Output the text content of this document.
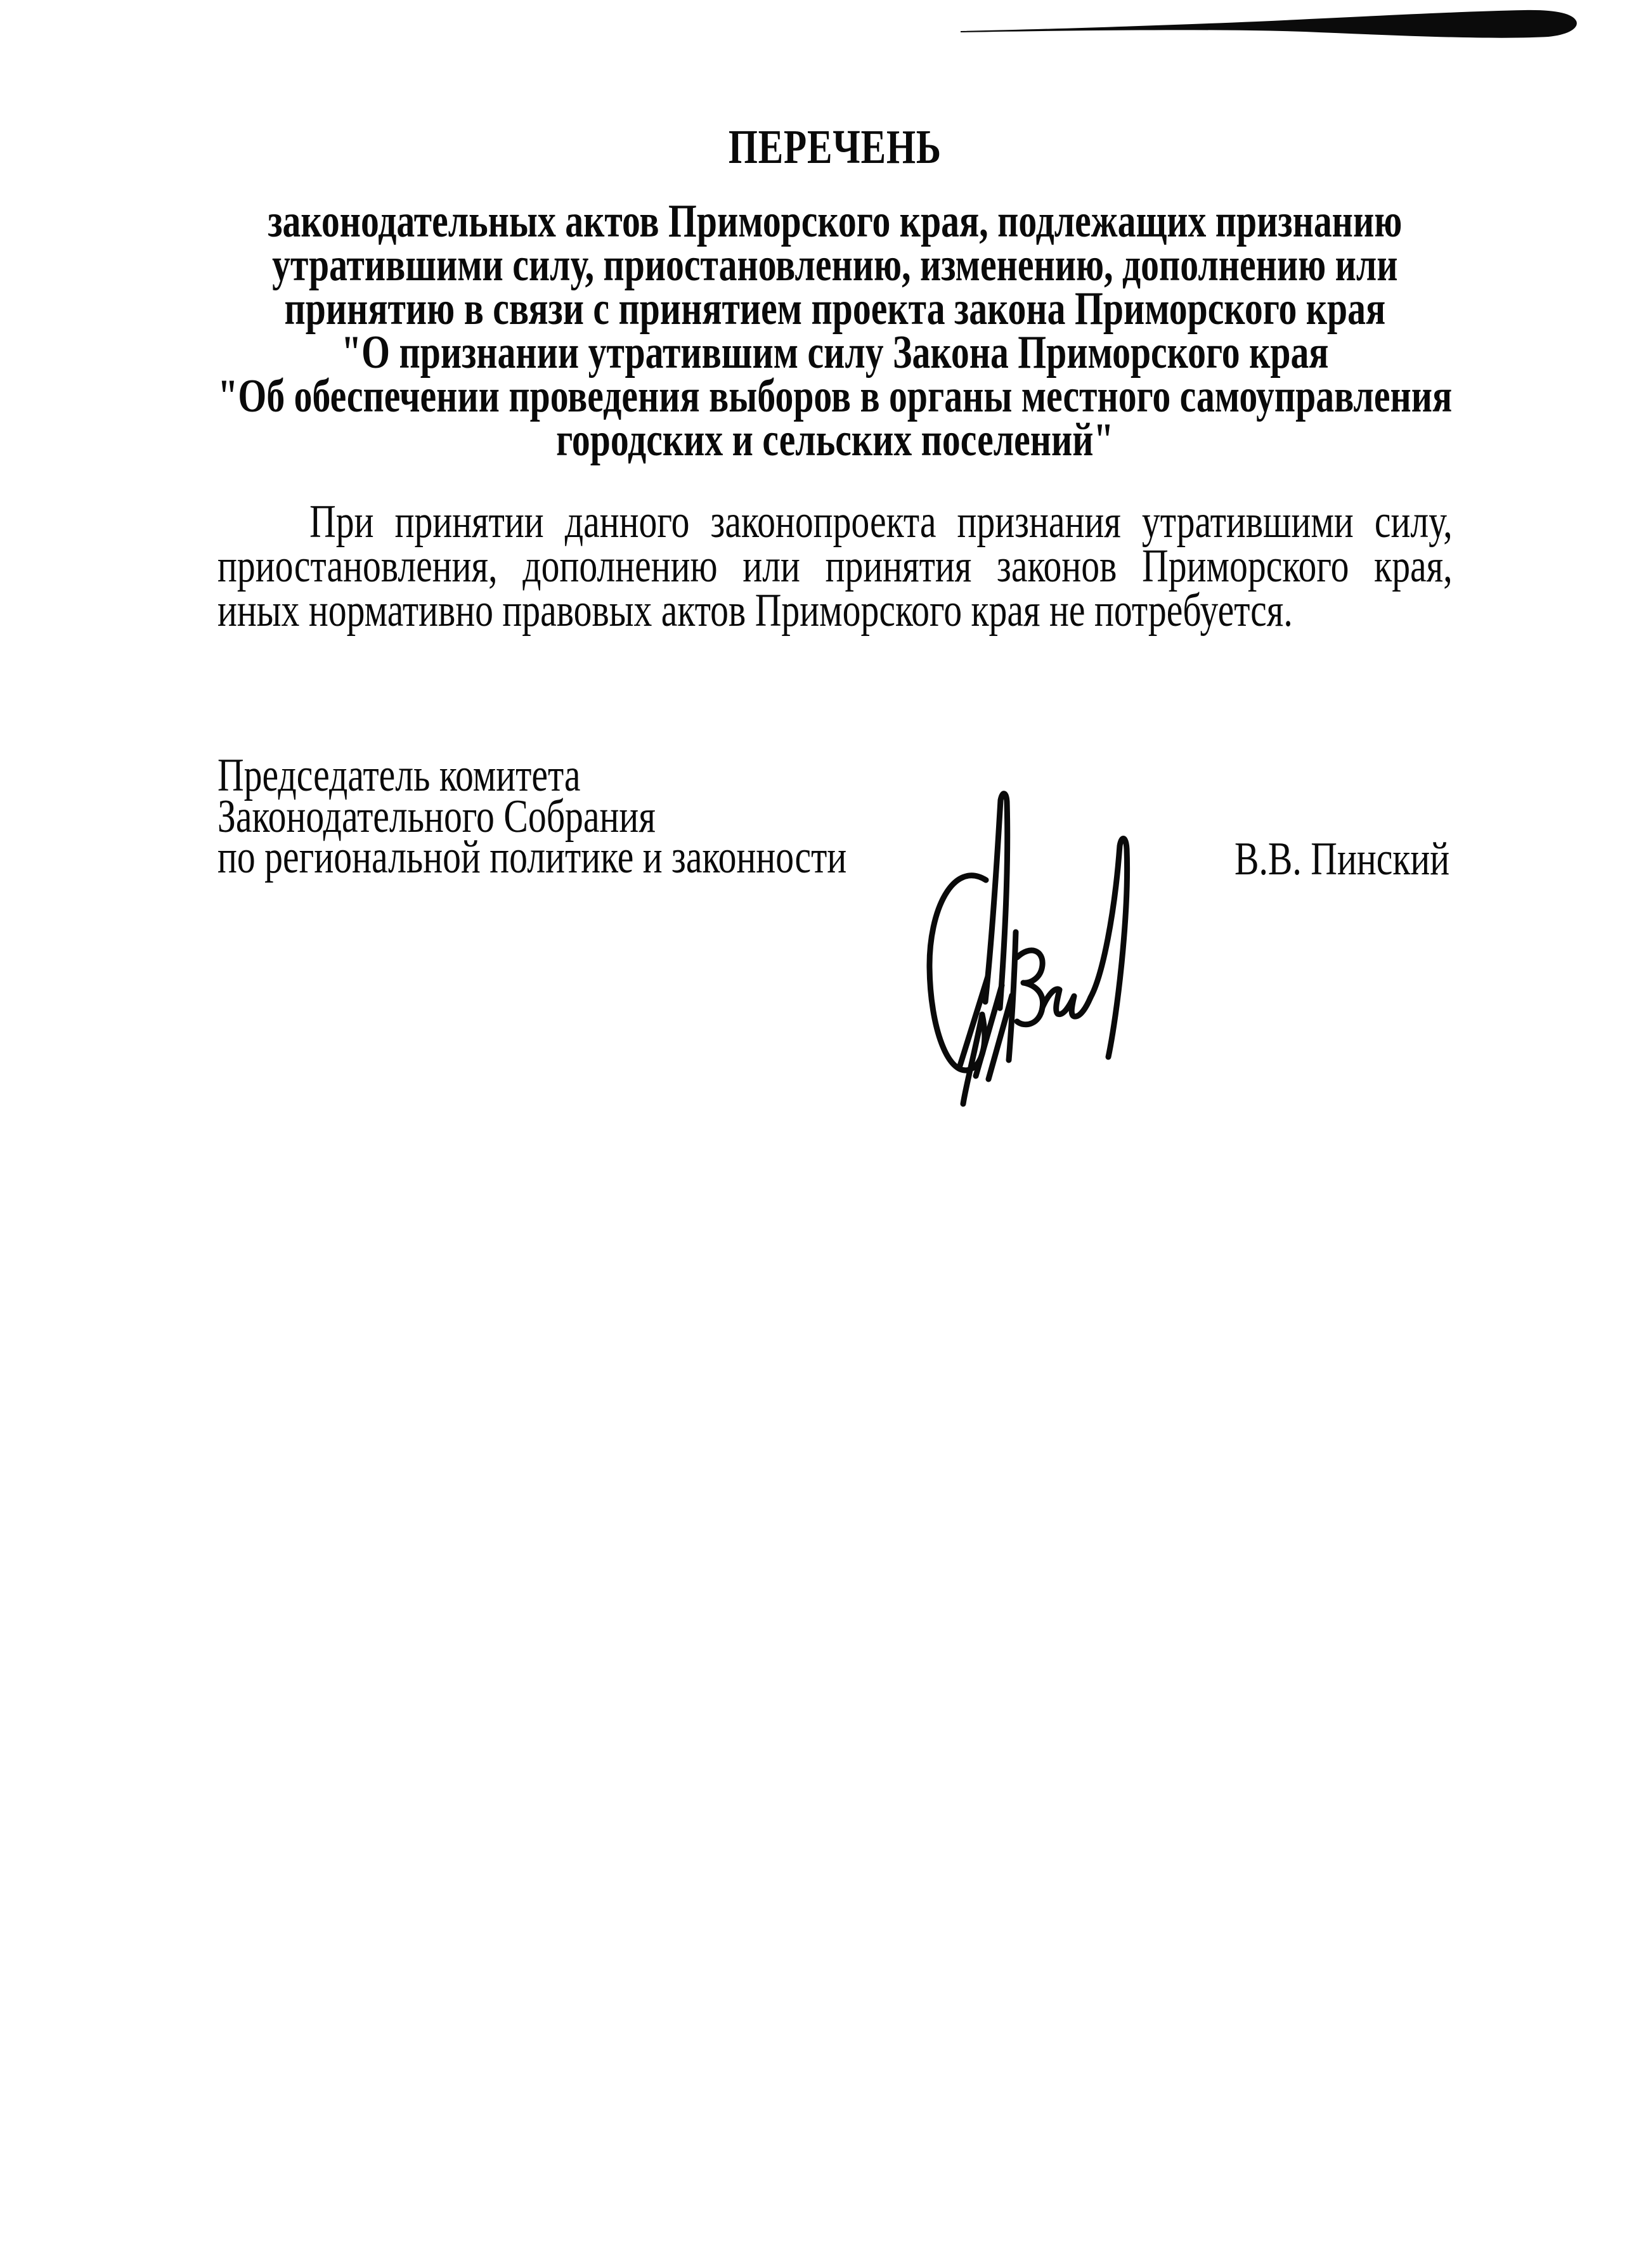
ПЕРЕЧЕНЬ
законодательных актов Приморского края, подлежащих признанию
утратившими силу, приостановлению, изменению, дополнению или
принятию в связи с принятием проекта закона Приморского края
"О признании утратившим силу Закона Приморского края
"Об обеспечении проведения выборов в органы местного самоуправления
городских и сельских поселений"
При принятии данного законопроекта признания утратившими силу,
приостановления, дополнению или принятия законов Приморского края,
иных нормативно правовых актов Приморского края не потребуется.
Председатель комитета
Законодательного Собрания
по региональной политике и законности	В.В. Пинский
